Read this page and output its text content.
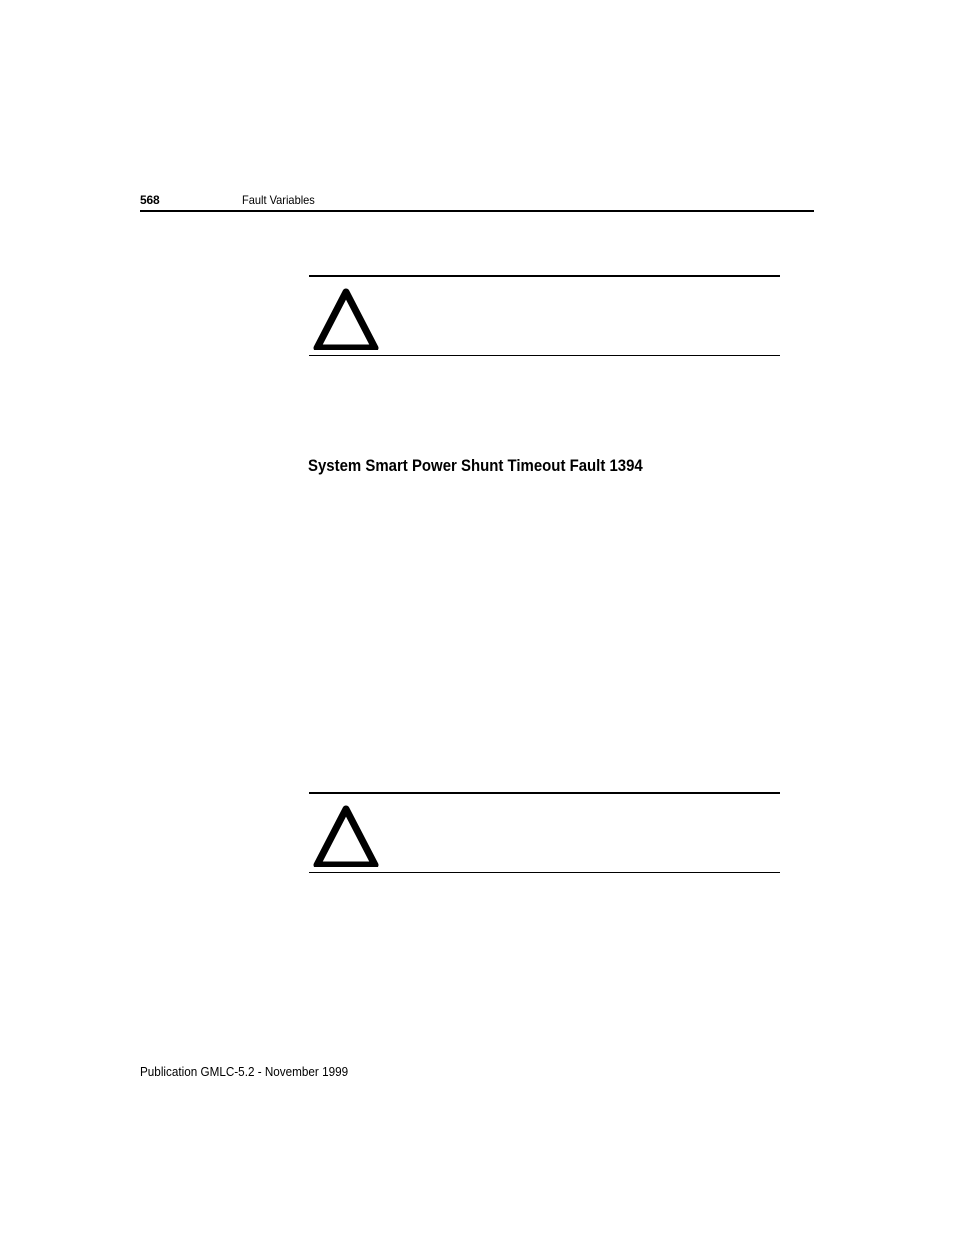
568	Fault Variables
System Smart Power Shunt Timeout Fault 1394
Publication GMLC-5.2 - November 1999
